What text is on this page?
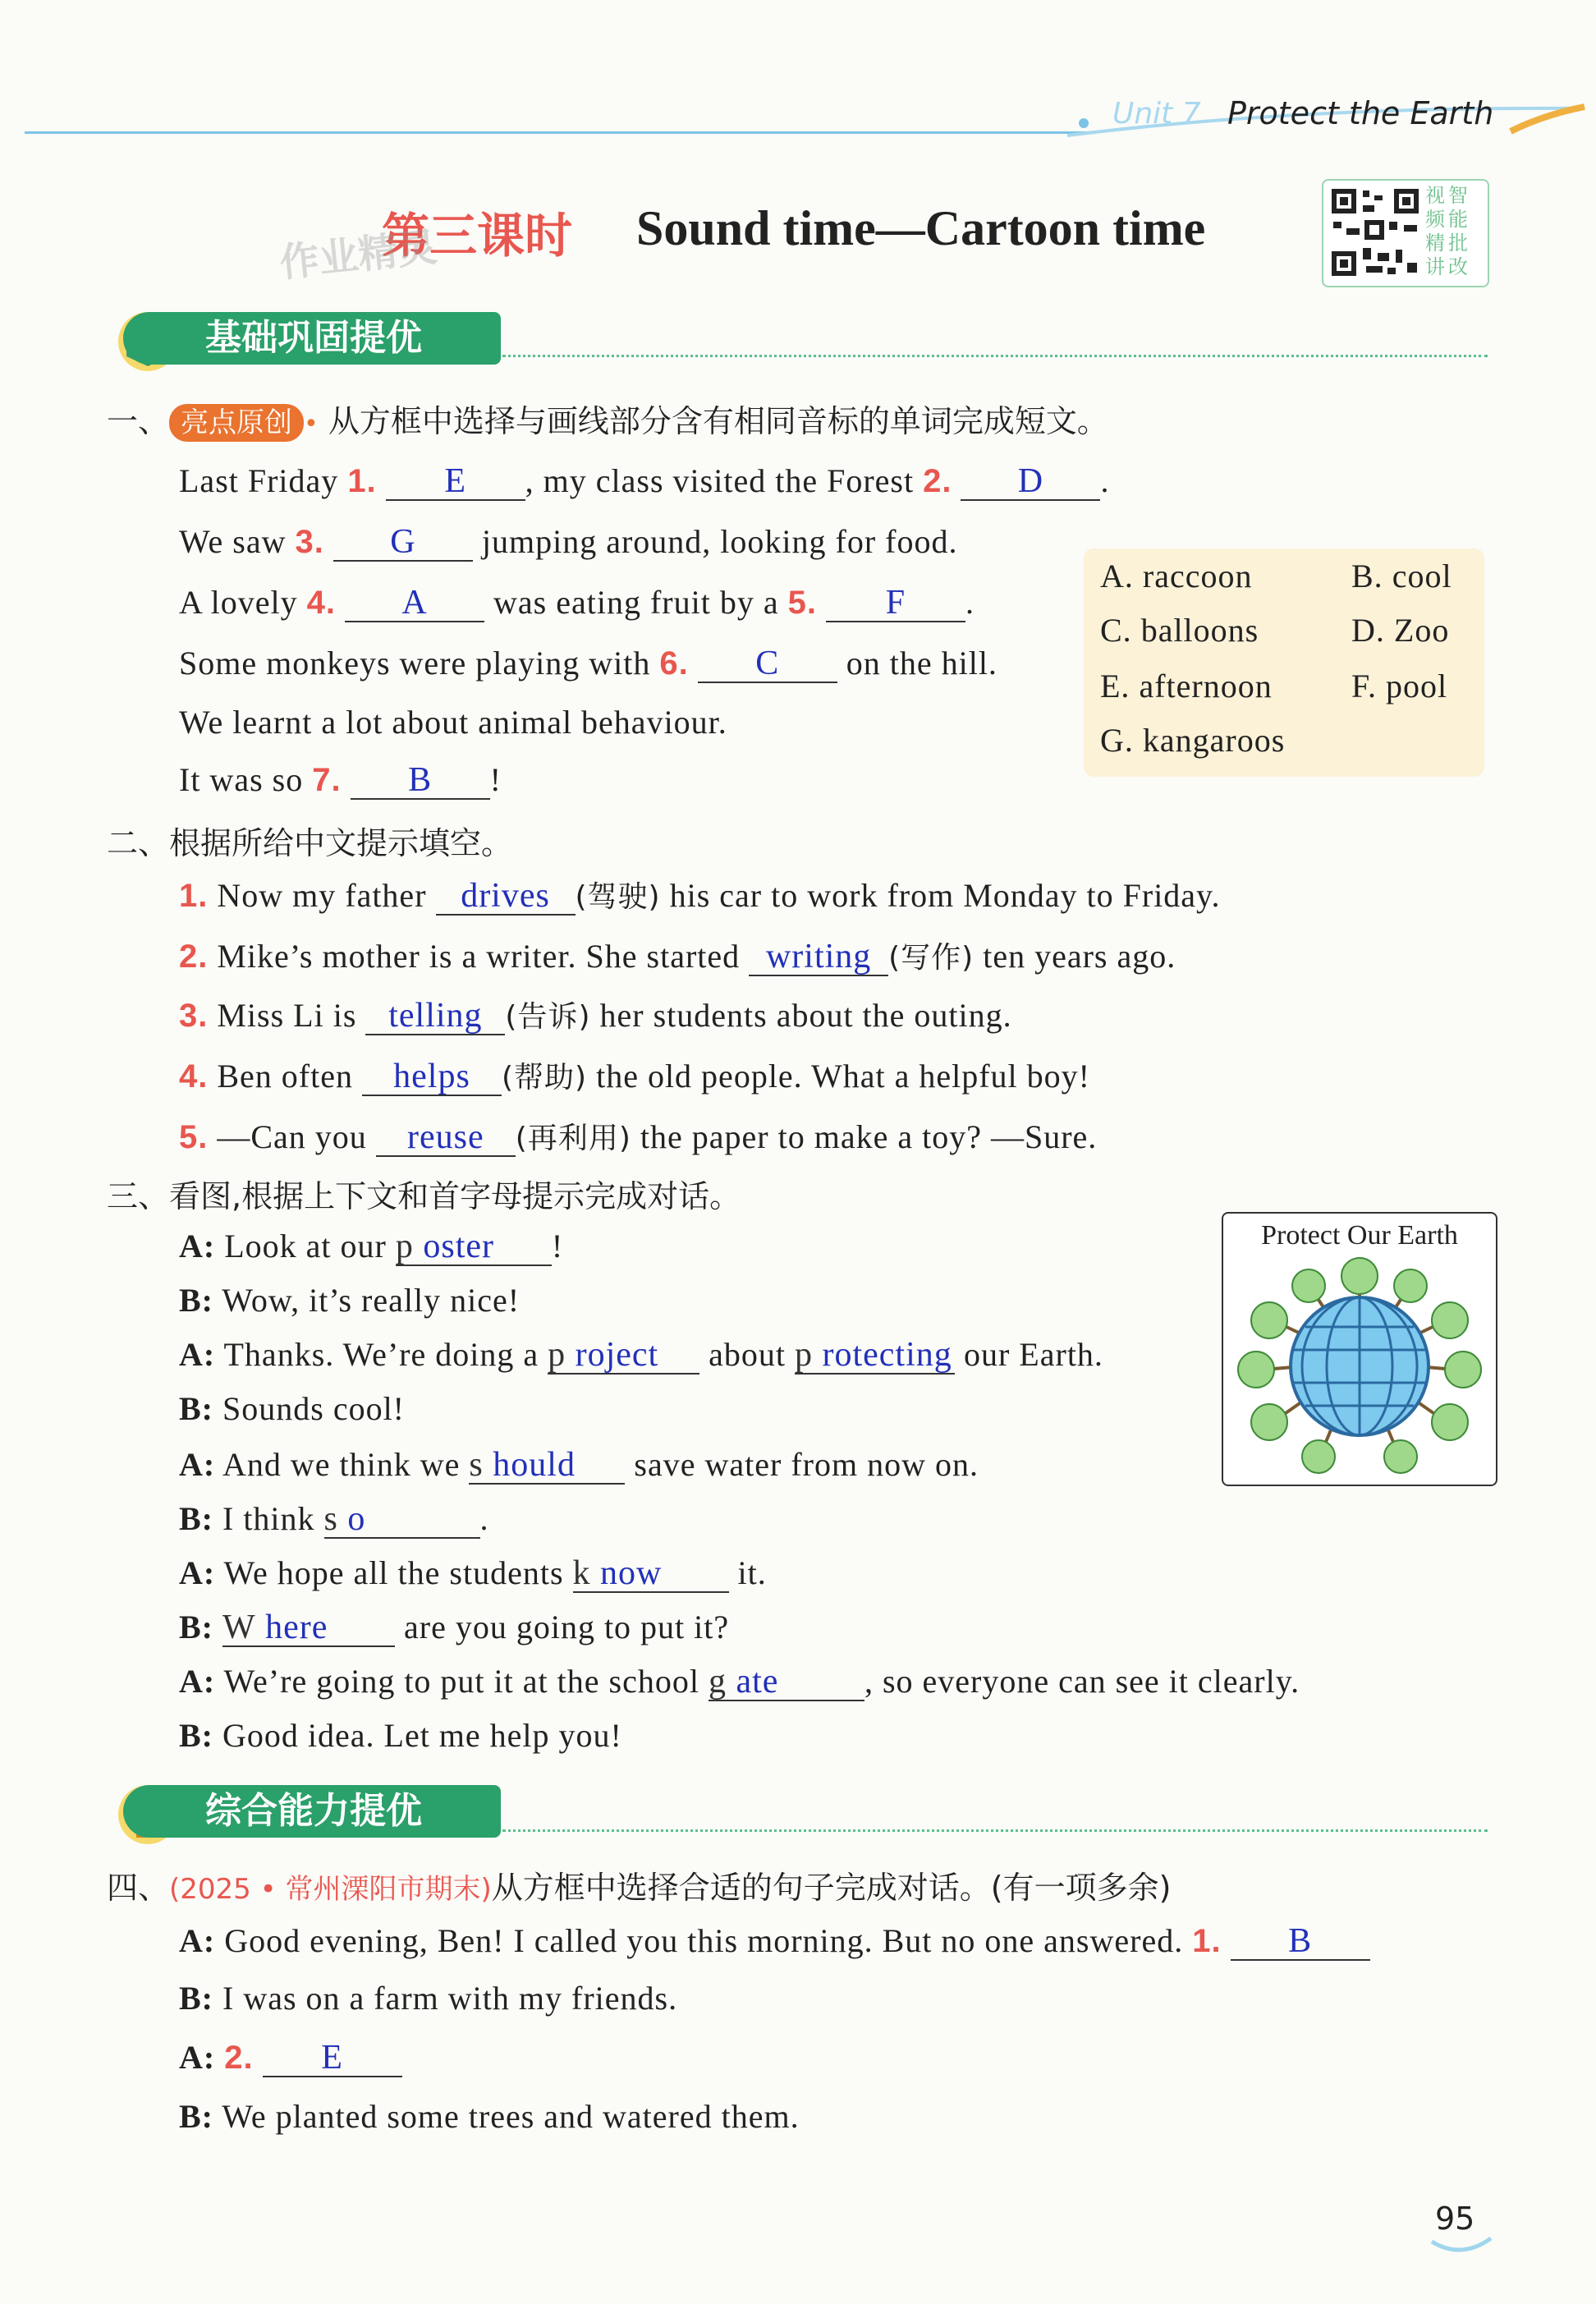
Unit 7 Protect the Earth
第三课时 Sound time—Cartoon time
作业精灵
视智
频能
精批
讲改
基础巩固提优
一、 亮点原创 • 从方框中选择与画线部分含有相同音标的单词完成短文。
Last Friday 1. E , my class visited the Forest 2. D .
We saw 3. G jumping around, looking for food.
A lovely 4. A was eating fruit by a 5. F .
Some monkeys were playing with 6. C on the hill.
We learnt a lot about animal behaviour.
It was so 7. B !
A. raccoon	B. cool
C. balloons	D. Zoo
E. afternoon F. pool
G. kangaroos
二、根据所给中文提示填空。
1. Now my father drives (驾驶) his car to work from Monday to Friday.
2. Mike’s mother is a writer. She started writing (写作) ten years ago.
3. Miss Li is telling (告诉) her students about the outing.
4. Ben often helps (帮助) the old people. What a helpful boy!
5. —Can you reuse (再利用) the paper to make a toy? —Sure.
三、看图,根据上下文和首字母提示完成对话。
A: Look at our p oster !
B: Wow, it’s really nice!
A: Thanks. We’re doing a p roject about p rotecting our Earth.
B: Sounds cool!
A: And we think we s hould save water from now on.
B: I think s o	.
A: We hope all the students k now it.
B: W here are you going to put it?
A: We’re going to put it at the school g ate	, so everyone can see it clearly.
B: Good idea. Let me help you!
Protect Our Earth
综合能力提优
四、(2025 • 常州溧阳市期末)从方框中选择合适的句子完成对话。(有一项多余)
A: Good evening, Ben! I called you this morning. But no one answered. 1. B
B: I was on a farm with my friends.
A: 2. E
B: We planted some trees and watered them.
95
